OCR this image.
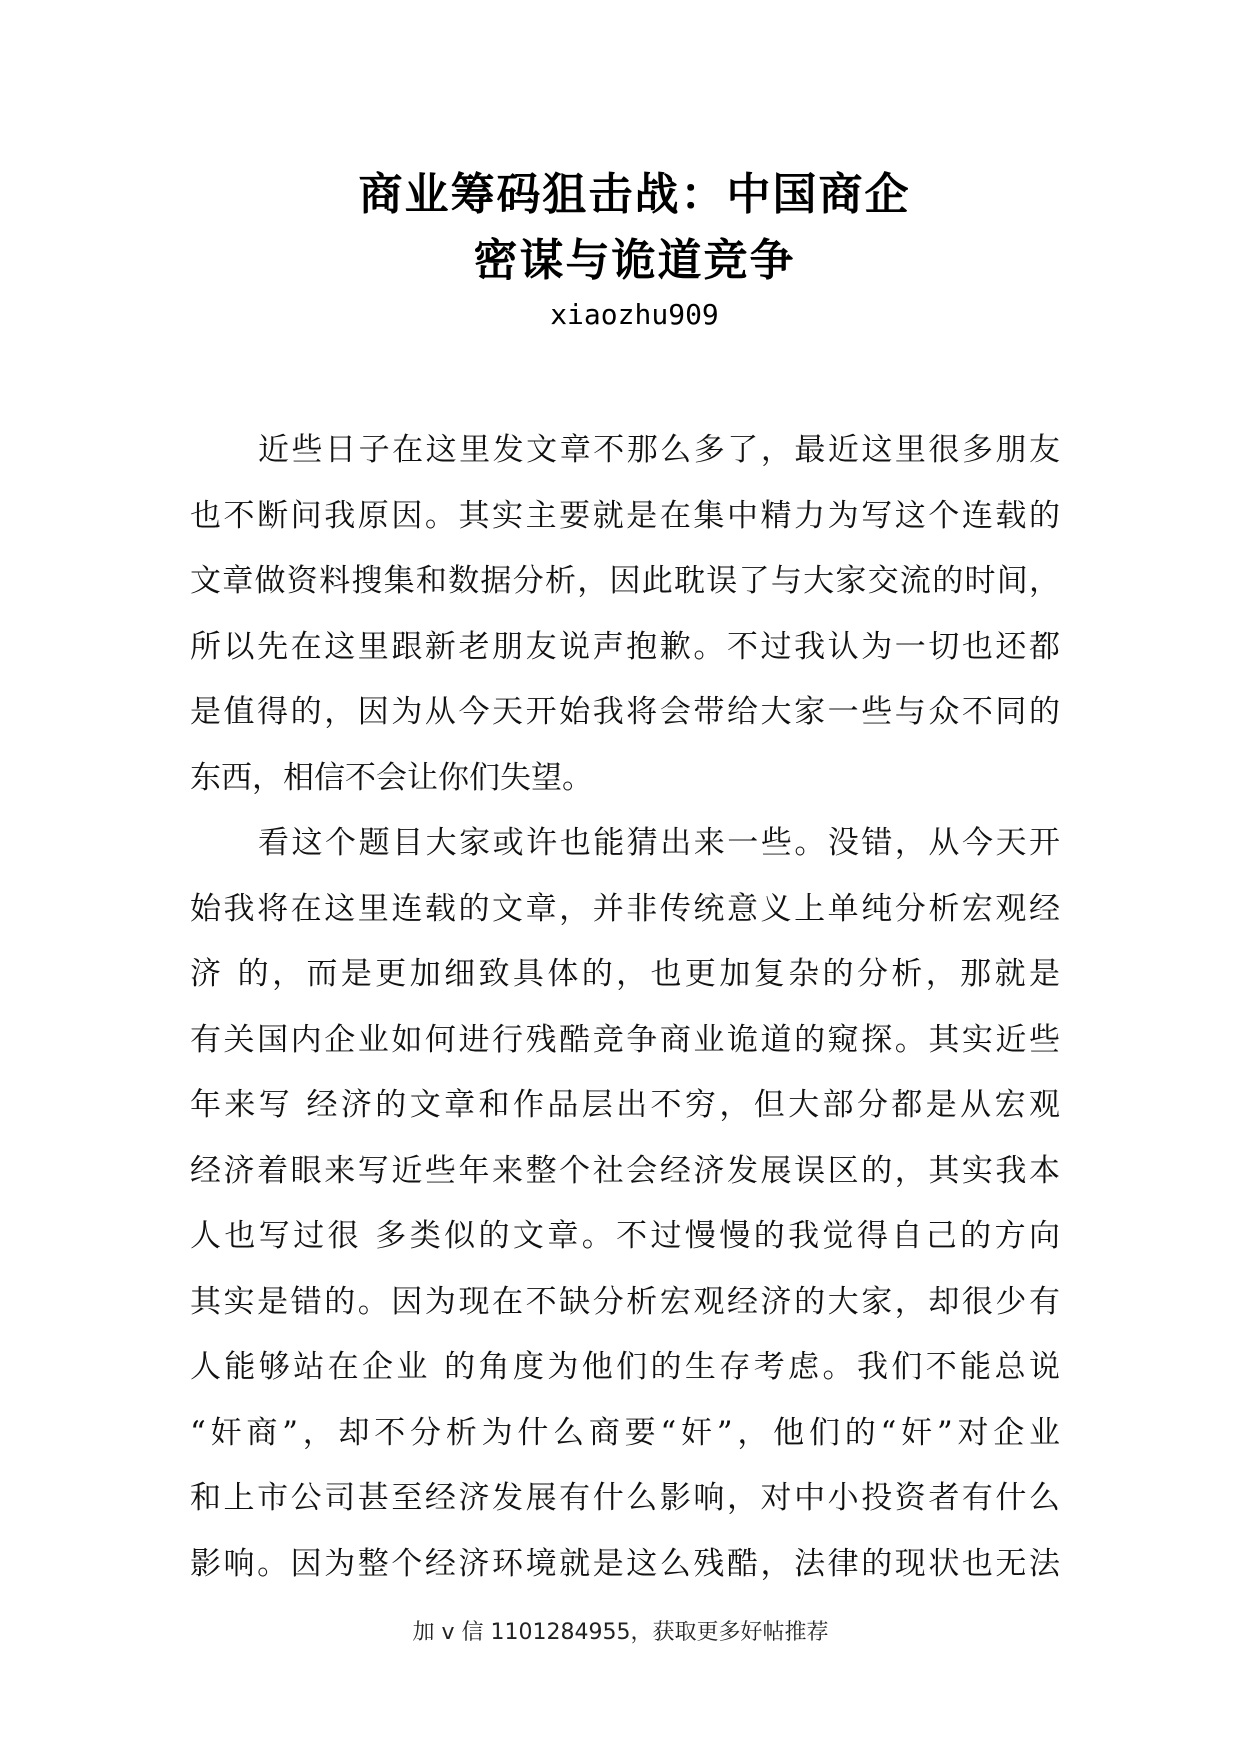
商业筹码狙击战：中国商企
密谋与诡道竞争
xiaozhu909

近些日子在这里发文章不那么多了，最近这里很多朋友
也不断问我原因。其实主要就是在集中精力为写这个连载的
文章做资料搜集和数据分析，因此耽误了与大家交流的时间，
所以先在这里跟新老朋友说声抱歉。不过我认为一切也还都
是值得的，因为从今天开始我将会带给大家一些与众不同的
东西，相信不会让你们失望。

看这个题目大家或许也能猜出来一些。没错，从今天开
始我将在这里连载的文章，并非传统意义上单纯分析宏观经
济 的，而是更加细致具体的，也更加复杂的分析，那就是
有关国内企业如何进行残酷竞争商业诡道的窥探。其实近些
年来写 经济的文章和作品层出不穷，但大部分都是从宏观
经济着眼来写近些年来整个社会经济发展误区的，其实我本
人也写过很 多类似的文章。不过慢慢的我觉得自己的方向
其实是错的。因为现在不缺分析宏观经济的大家，却很少有
人能够站在企业 的角度为他们的生存考虑。我们不能总说
“奸商”，却不分析为什么商要“奸”，他们的“奸”对企业
和上市公司甚至经济发展有什么影响，对中小投资者有什么
影响。因为整个经济环境就是这么残酷，法律的现状也无法

加 v 信 1101284955，获取更多好帖推荐
